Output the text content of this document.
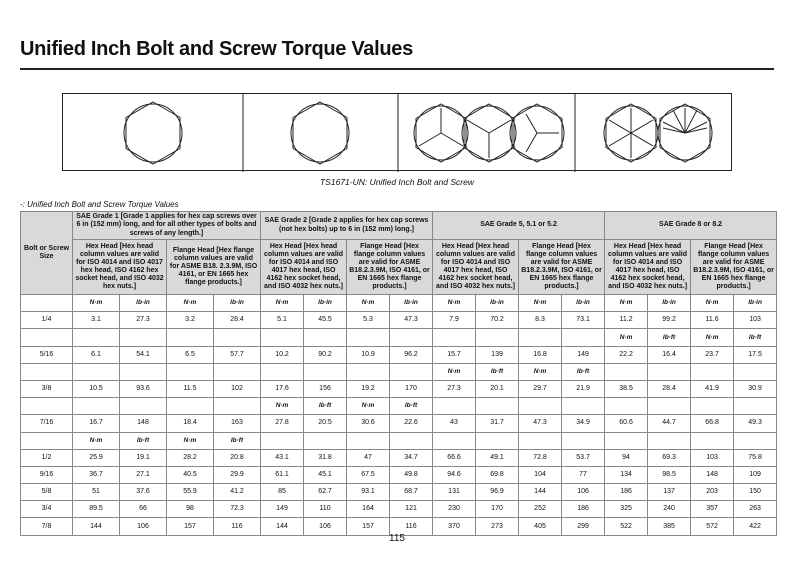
Unified Inch Bolt and Screw Torque Values
TS1671-UN: Unified Inch Bolt and Screw
-: Unified Inch Bolt and Screw Torque Values
Bolt or Screw Size	SAE Grade 1 [Grade 1 applies for hex cap screws over 6 in (152 mm) long, and for all other types of bolts and screws of any length.]				SAE Grade 2 [Grade 2 applies for hex cap screws (not hex bolts) up to 6 in (152 mm) long.]				SAE Grade 5, 5.1 or 5.2				SAE Grade 8 or 8.2			
	Hex Head [Hex head column values are valid for ISO 4014 and ISO 4017 hex head, ISO 4162 hex socket head, and ISO 4032 hex nuts.]		Flange Head [Hex flange column values are valid for ASME B18. 2.3.9M, ISO 4161, or EN 1665 hex flange products.]		Hex Head [Hex head column values are valid for ISO 4014 and ISO 4017 hex head, ISO 4162 hex socket head, and ISO 4032 hex nuts.]		Flange Head [Hex flange column values are valid for ASME B18.2.3.9M, ISO 4161, or EN 1665 hex flange products.]		Hex Head [Hex head column values are valid for ISO 4014 and ISO 4017 hex head, ISO 4162 hex socket head, and ISO 4032 hex nuts.]		Flange Head [Hex flange column values are valid for ASME B18.2.3.9M, ISO 4161, or EN 1665 hex flange products.]		Hex Head [Hex head column values are valid for ISO 4014 and ISO 4017 hex head, ISO 4162 hex socket head, and ISO 4032 hex nuts.]		Flange Head [Hex flange column values are valid for ASME B18.2.3.9M, ISO 4161, or EN 1665 hex flange products.]	
	N·m	lb·in	N·m	lb·in	N·m	lb·in	N·m	lb·in	N·m	lb·in	N·m	lb·in	N·m	lb·in	N·m	lb·in
1/4	3.1	27.3	3.2	28.4	5.1	45.5	5.3	47.3	7.9	70.2	8.3	73.1	11.2	99.2	11.6	103
													N·m	lb·ft	N·m	lb·ft
5/16	6.1	54.1	6.5	57.7	10.2	90.2	10.9	96.2	15.7	139	16.8	149	22.2	16.4	23.7	17.5
									N·m	lb·ft	N·m	lb·ft				
3/8	10.5	93.6	11.5	102	17.6	156	19.2	170	27.3	20.1	29.7	21.9	38.5	28.4	41.9	30.9
					N·m	lb·ft	N·m	lb·ft								
7/16	16.7	148	18.4	163	27.8	20.5	30.6	22.6	43	31.7	47.3	34.9	60.6	44.7	66.8	49.3
	N·m	lb·ft	N·m	lb·ft												
1/2	25.9	19.1	28.2	20.8	43.1	31.8	47	34.7	66.6	49.1	72.8	53.7	94	69.3	103	75.8
9/16	36.7	27.1	40.5	29.9	61.1	45.1	67.5	49.8	94.6	69.8	104	77	134	98.5	148	109
5/8	51	37.6	55.9	41.2	85	62.7	93.1	68.7	131	96.9	144	106	186	137	203	150
3/4	89.5	66	98	72.3	149	110	164	121	230	170	252	186	325	240	357	263
7/8	144	106	157	116	144	106	157	116	370	273	405	299	522	385	572	422
115
